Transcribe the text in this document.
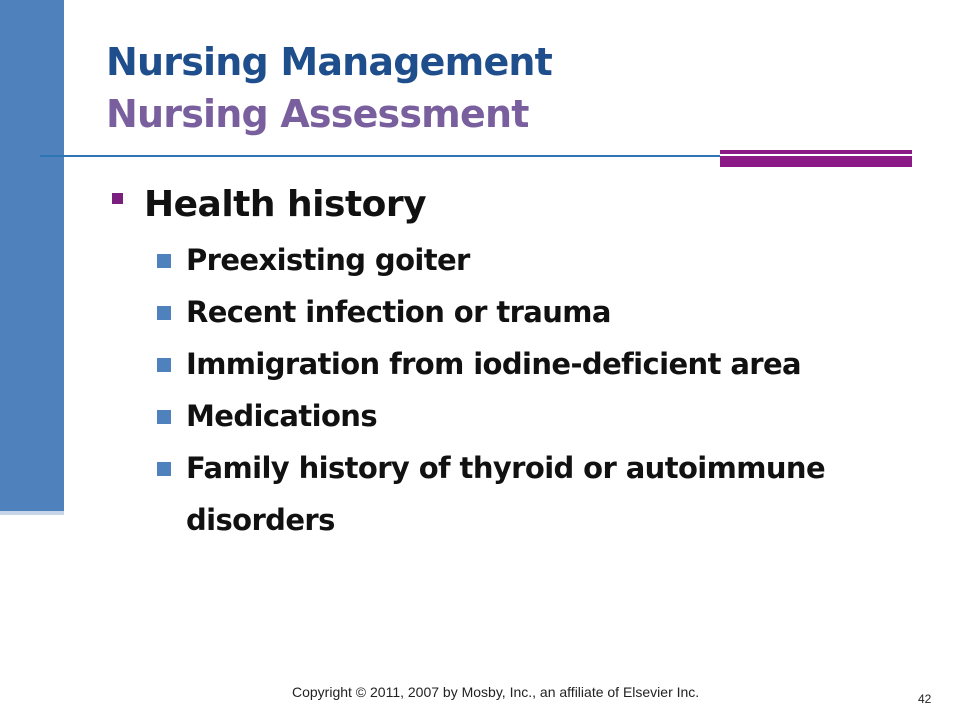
Nursing Management
Nursing Assessment
Health history
Preexisting goiter
Recent infection or trauma
Immigration from iodine-deficient area
Medications
Family history of thyroid or autoimmune disorders
Copyright © 2011, 2007 by Mosby, Inc., an affiliate of Elsevier Inc.	42
